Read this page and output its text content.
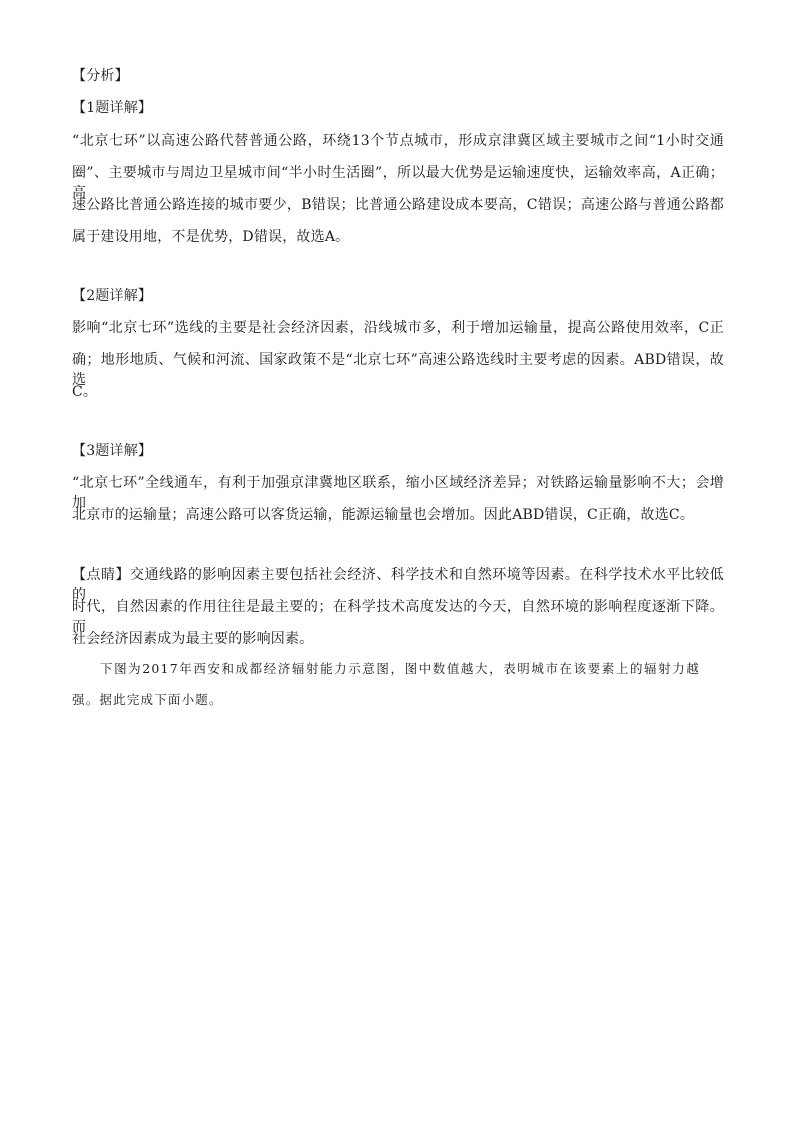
【分析】
【1题详解】
“北京七环”以高速公路代替普通公路，环绕13个节点城市，形成京津冀区域主要城市之间“1小时交通
圈”、主要城市与周边卫星城市间“半小时生活圈”，所以最大优势是运输速度快，运输效率高，A正确；高
速公路比普通公路连接的城市要少，B错误；比普通公路建设成本要高，C错误；高速公路与普通公路都
属于建设用地，不是优势，D错误，故选A。
【2题详解】
影响“北京七环”选线的主要是社会经济因素，沿线城市多，利于增加运输量，提高公路使用效率，C正
确；地形地质、气候和河流、国家政策不是“北京七环”高速公路选线时主要考虑的因素。ABD错误，故选
C。
【3题详解】
“北京七环”全线通车，有利于加强京津冀地区联系，缩小区域经济差异；对铁路运输量影响不大；会增加
北京市的运输量；高速公路可以客货运输，能源运输量也会增加。因此ABD错误，C正确，故选C。
【点睛】交通线路的影响因素主要包括社会经济、科学技术和自然环境等因素。在科学技术水平比较低的
时代，自然因素的作用往往是最主要的；在科学技术高度发达的今天，自然环境的影响程度逐渐下降。而
社会经济因素成为最主要的影响因素。
下图为2017年西安和成都经济辐射能力示意图，图中数值越大，表明城市在该要素上的辐射力越
强。据此完成下面小题。
